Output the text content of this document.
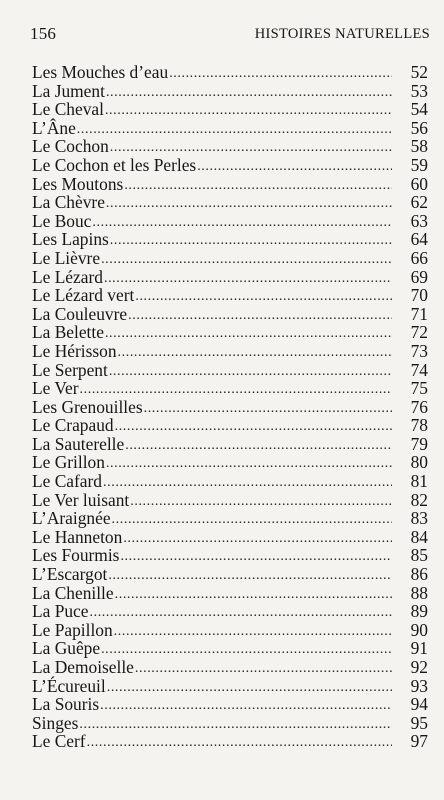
156	HISTOIRES NATURELLES
Les Mouches d’eau .....	52
La Jument .....	53
Le Cheval .....	54
L’Âne .....	56
Le Cochon .....	58
Le Cochon et les Perles .....	59
Les Moutons .....	60
La Chèvre .....	62
Le Bouc .....	63
Les Lapins .....	64
Le Lièvre .....	66
Le Lézard .....	69
Le Lézard vert .....	70
La Couleuvre .....	71
La Belette .....	72
Le Hérisson .....	73
Le Serpent .....	74
Le Ver .....	75
Les Grenouilles .....	76
Le Crapaud .....	78
La Sauterelle .....	79
Le Grillon .....	80
Le Cafard .....	81
Le Ver luisant .....	82
L’Araignée .....	83
Le Hanneton .....	84
Les Fourmis .....	85
L’Escargot .....	86
La Chenille .....	88
La Puce .....	89
Le Papillon .....	90
La Guêpe .....	91
La Demoiselle .....	92
L’Écureuil .....	93
La Souris .....	94
Singes .....	95
Le Cerf .....	97
